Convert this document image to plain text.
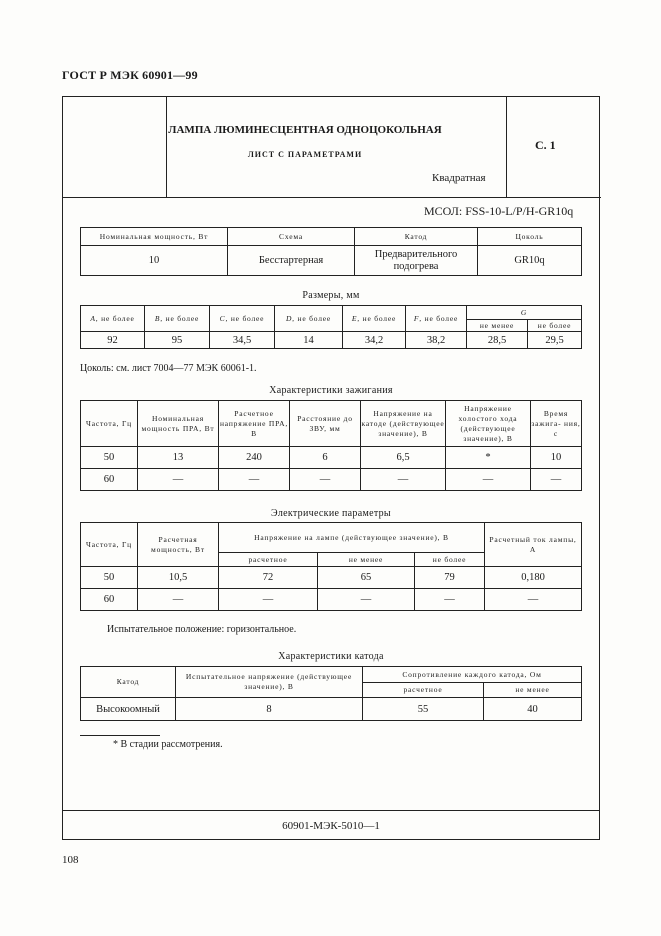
ГОСТ Р МЭК 60901—99
ЛАМПА ЛЮМИНЕСЦЕНТНАЯ ОДНОЦОКОЛЬНАЯ
ЛИСТ С ПАРАМЕТРАМИ
Квадратная
С. 1
МСОЛ: FSS-10-L/P/H-GR10q
Номинальная мощность, Вт	Схема	Катод	Цоколь
10	Бесстартерная	Предварительного подогрева	GR10q
Размеры, мм
A, не более	B, не более	C, не более	D, не более	E, не более	F, не более	G	
						не менее	не более
92	95	34,5	14	34,2	38,2	28,5	29,5
Цоколь: см. лист 7004—77 МЭК 60061-1.
Характеристики зажигания
Частота, Гц	Номинальная мощность ПРА, Вт	Расчетное напряжение ПРА, В	Расстояние до ЗВУ, мм	Напряжение на катоде (действующее значение), В	Напряжение холостого хода (действующее значение), В	Время зажига- ния, с
50	13	240	6	6,5	*	10
60	—	—	—	—	—	—
Электрические параметры
Частота, Гц	Расчетная мощность, Вт	Напряжение на лампе (действующее значение), В			Расчетный ток лампы, А
		расчетное	не менее	не более	
50	10,5	72	65	79	0,180
60	—	—	—	—	—
Испытательное положение: горизонтальное.
Характеристики катода
Катод	Испытательное напряжение (действующее значение), В	Сопротивление каждого катода, Ом	
		расчетное	не менее
Высокоомный	8	55	40
* В стадии рассмотрения.
60901-МЭК-5010—1
108
